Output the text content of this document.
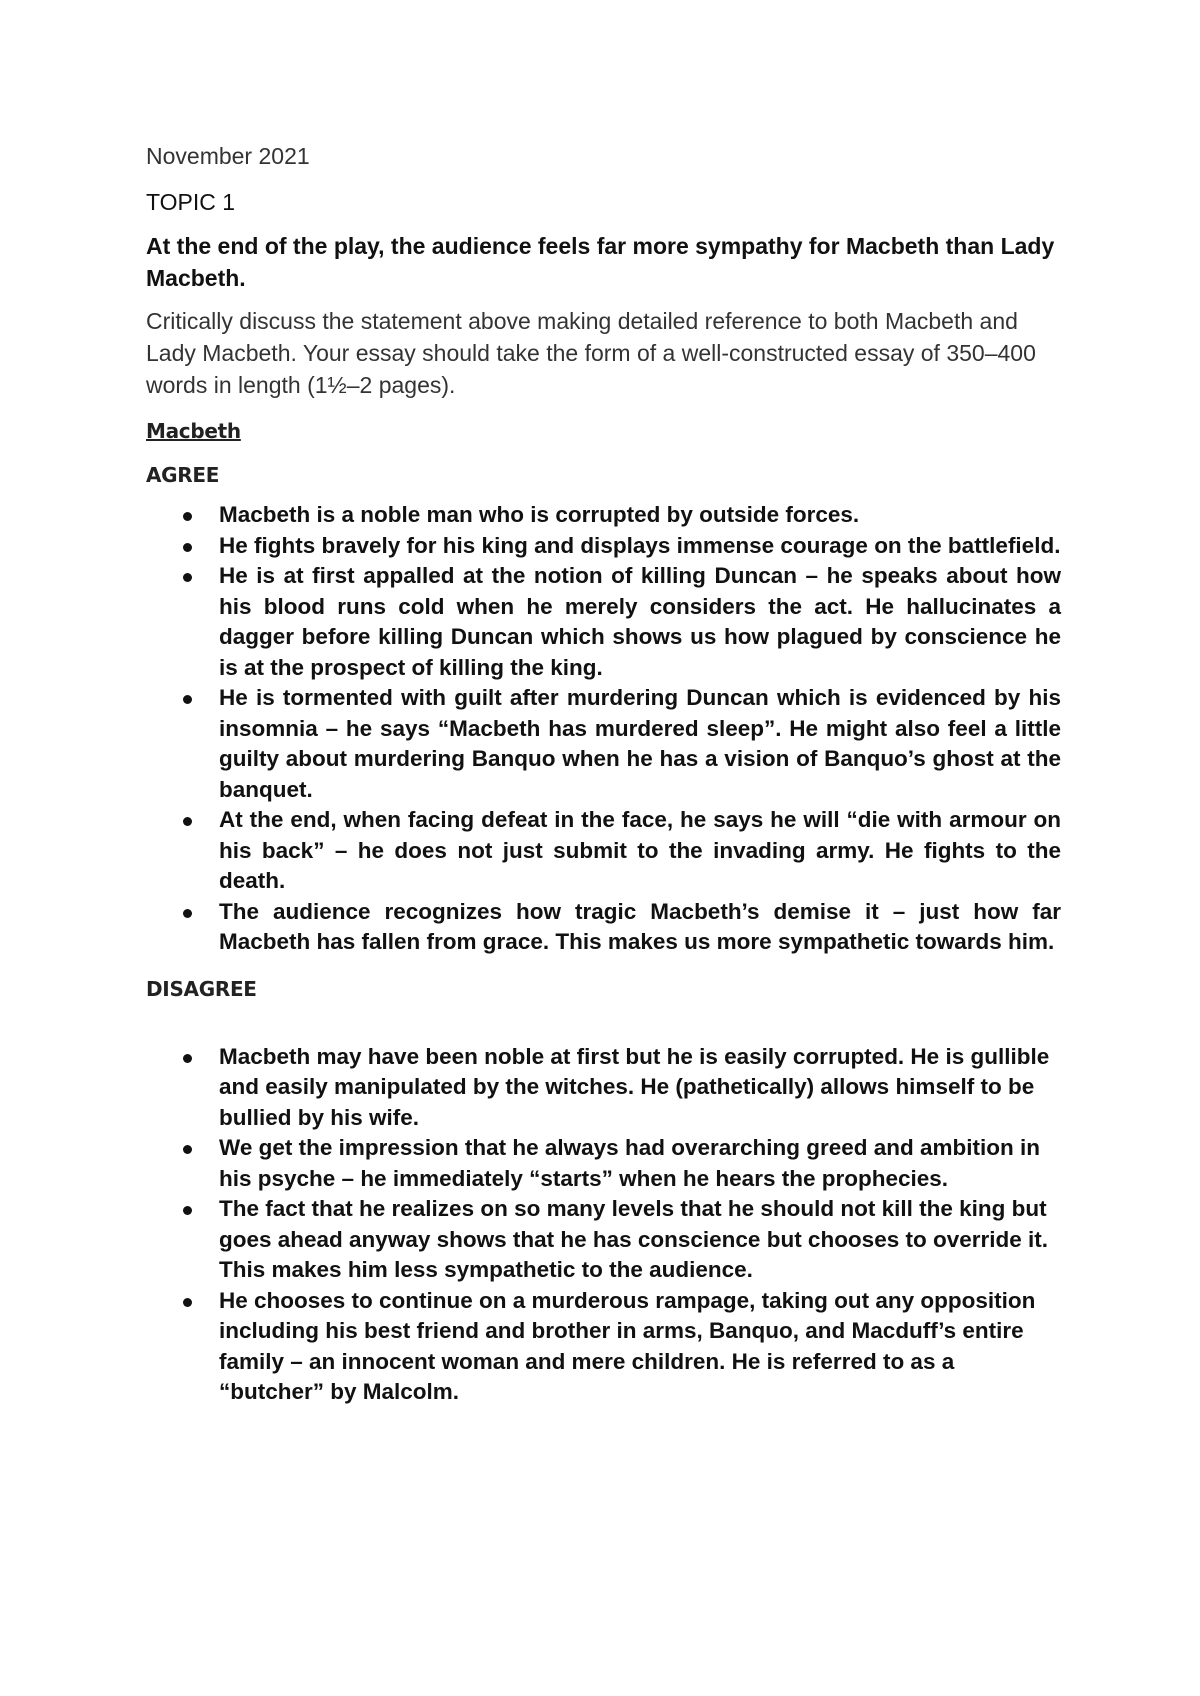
November 2021

TOPIC 1

At the end of the play, the audience feels far more sympathy for Macbeth than Lady Macbeth.

Critically discuss the statement above making detailed reference to both Macbeth and Lady Macbeth. Your essay should take the form of a well-constructed essay of 350–400 words in length (1½–2 pages).

Macbeth

AGREE

Macbeth is a noble man who is corrupted by outside forces.
He fights bravely for his king and displays immense courage on the battlefield.
He is at first appalled at the notion of killing Duncan – he speaks about how his blood runs cold when he merely considers the act. He hallucinates a dagger before killing Duncan which shows us how plagued by conscience he is at the prospect of killing the king.
He is tormented with guilt after murdering Duncan which is evidenced by his insomnia – he says “Macbeth has murdered sleep”. He might also feel a little guilty about murdering Banquo when he has a vision of Banquo’s ghost at the banquet.
At the end, when facing defeat in the face, he says he will “die with armour on his back” – he does not just submit to the invading army. He fights to the death.
The audience recognizes how tragic Macbeth’s demise it – just how far Macbeth has fallen from grace. This makes us more sympathetic towards him.

DISAGREE

Macbeth may have been noble at first but he is easily corrupted. He is gullible and easily manipulated by the witches. He (pathetically) allows himself to be bullied by his wife.
We get the impression that he always had overarching greed and ambition in his psyche – he immediately “starts” when he hears the prophecies.
The fact that he realizes on so many levels that he should not kill the king but goes ahead anyway shows that he has conscience but chooses to override it. This makes him less sympathetic to the audience.
He chooses to continue on a murderous rampage, taking out any opposition including his best friend and brother in arms, Banquo, and Macduff’s entire family – an innocent woman and mere children. He is referred to as a “butcher” by Malcolm.
